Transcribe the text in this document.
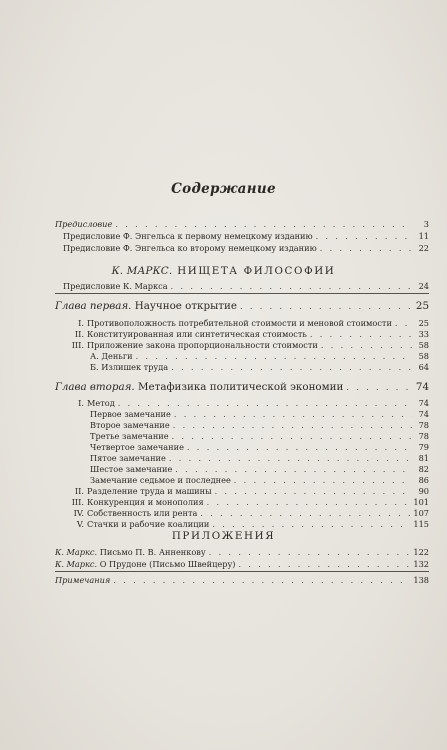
Содержание
Предисловие . . .	3
Предисловие Ф. Энгельса к первому немецкому изданию . . .	11
Предисловие Ф. Энгельса ко второму немецкому изданию . . .	22
К. МАРКС. НИЩЕТА ФИЛОСОФИИ
Предисловие К. Маркса . . .	24
Глава первая. Научное открытие . . .	25
I. Противоположность потребительной стоимости и меновой стоимости . . .	25
II. Конституированная или синтетическая стоимость . . .	33
III. Приложение закона пропорциональности стоимости . . .	58
А. Деньги . . .	58
Б. Излишек труда . . .	64
Глава вторая. Метафизика политической экономии . . .	74
I. Метод . . .	74
Первое замечание . . .	74
Второе замечание . . .	78
Третье замечание . . .	78
Четвертое замечание . . .	79
Пятое замечание . . .	81
Шестое замечание . . .	82
Замечание седьмое и последнее . . .	86
II. Разделение труда и машины . . .	90
III. Конкуренция и монополия . . .	101
IV. Собственность или рента . . .	107
V. Стачки и рабочие коалиции . . .	115
ПРИЛОЖЕНИЯ
К. Маркс. Письмо П. В. Анненкову . . .	122
К. Маркс. О Прудоне (Письмо Швейцеру) . . .	132
Примечания . . .	138
